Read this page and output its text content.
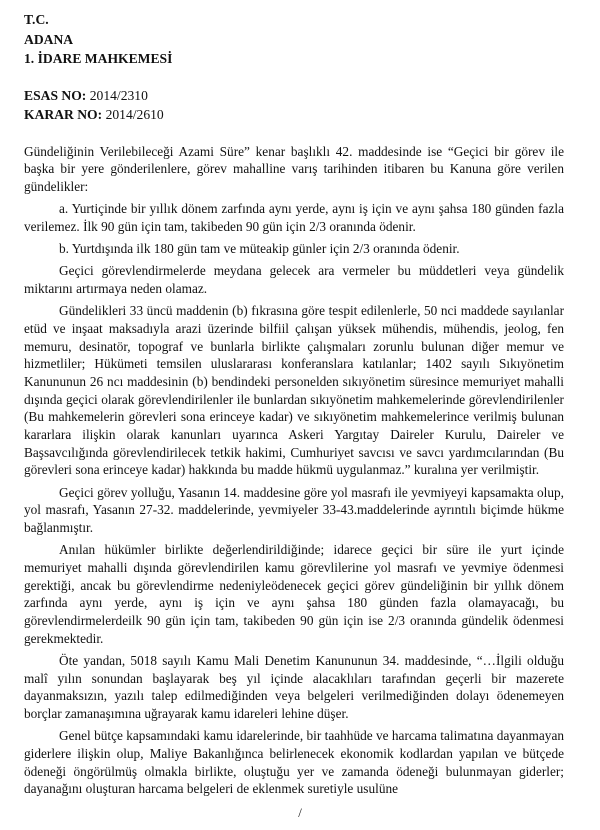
T.C.
ADANA
1. İDARE MAHKEMESİ
ESAS NO: 2014/2310
KARAR NO: 2014/2610

Gündeliğinin Verilebileceği Azami Süre” kenar başlıklı 42. maddesinde ise “Geçici bir görev ile başka bir yere gönderilenlere, görev mahalline varış tarihinden itibaren bu Kanuna göre verilen gündelikler:

a. Yurtiçinde bir yıllık dönem zarfında aynı yerde, aynı iş için ve aynı şahsa 180 günden fazla verilemez. İlk 90 gün için tam, takibeden 90 gün için 2/3 oranında ödenir.

b. Yurtdışında ilk 180 gün tam ve müteakip günler için 2/3 oranında ödenir.

Geçici görevlendirmelerde meydana gelecek ara vermeler bu müddetleri veya gündelik miktarını artırmaya neden olamaz.

Gündelikleri 33 üncü maddenin (b) fıkrasına göre tespit edilenlerle, 50 nci maddede sayılanlar etüd ve inşaat maksadıyla arazi üzerinde bilfiil çalışan yüksek mühendis, mühendis, jeolog, fen memuru, desinatör, topograf ve bunlarla birlikte çalışmaları zorunlu bulunan diğer memur ve hizmetliler; Hükümeti temsilen uluslararası konferanslara katılanlar; 1402 sayılı Sıkıyönetim Kanununun 26 ncı maddesinin (b) bendindeki personelden sıkıyönetim süresince memuriyet mahalli dışında geçici olarak görevlendirilenler ile bunlardan sıkıyönetim mahkemelerinde görevlendirilenler (Bu mahkemelerin görevleri sona erinceye kadar) ve sıkıyönetim mahkemelerince verilmiş bulunan kararlara ilişkin olarak kanunları uyarınca Askeri Yargıtay Daireler Kurulu, Daireler ve Başsavcılığında görevlendirilecek tetkik hakimi, Cumhuriyet savcısı ve savcı yardımcılarından (Bu görevleri sona erinceye kadar) hakkında bu madde hükmü uygulanmaz.” kuralına yer verilmiştir.

Geçici görev yolluğu, Yasanın 14. maddesine göre yol masrafı ile yevmiyeyi kapsamakta olup, yol masrafı, Yasanın 27-32. maddelerinde, yevmiyeler 33-43.maddelerinde ayrıntılı biçimde hükme bağlanmıştır.

Anılan hükümler birlikte değerlendirildiğinde; idarece geçici bir süre ile yurt içinde memuriyet mahalli dışında görevlendirilen kamu görevlilerine yol masrafı ve yevmiye ödenmesi gerektiği, ancak bu görevlendirme nedeniyleödenecek geçici görev gündeliğinin bir yıllık dönem zarfında aynı yerde, aynı iş için ve aynı şahsa 180 günden fazla olamayacağı, bu görevlendirmelerdeilk 90 gün için tam, takibeden 90 gün için ise 2/3 oranında gündelik ödenmesi gerekmektedir.

Öte yandan, 5018 sayılı Kamu Mali Denetim Kanununun 34. maddesinde, “…İlgili olduğu malî yılın sonundan başlayarak beş yıl içinde alacaklıları tarafından geçerli bir mazerete dayanmaksızın, yazılı talep edilmediğinden veya belgeleri verilmediğinden dolayı ödenemeyen borçlar zamanaşımına uğrayarak kamu idareleri lehine düşer.

Genel bütçe kapsamındaki kamu idarelerinde, bir taahhüde ve harcama talimatına dayanmayan giderlere ilişkin olup, Maliye Bakanlığınca belirlenecek ekonomik kodlardan yapılan ve bütçede ödeneği öngörülmüş olmakla birlikte, oluştuğu yer ve zamanda ödeneği bulunmayan giderler; dayanağını oluşturan harcama belgeleri de eklenmek suretiyle usulüne

/
